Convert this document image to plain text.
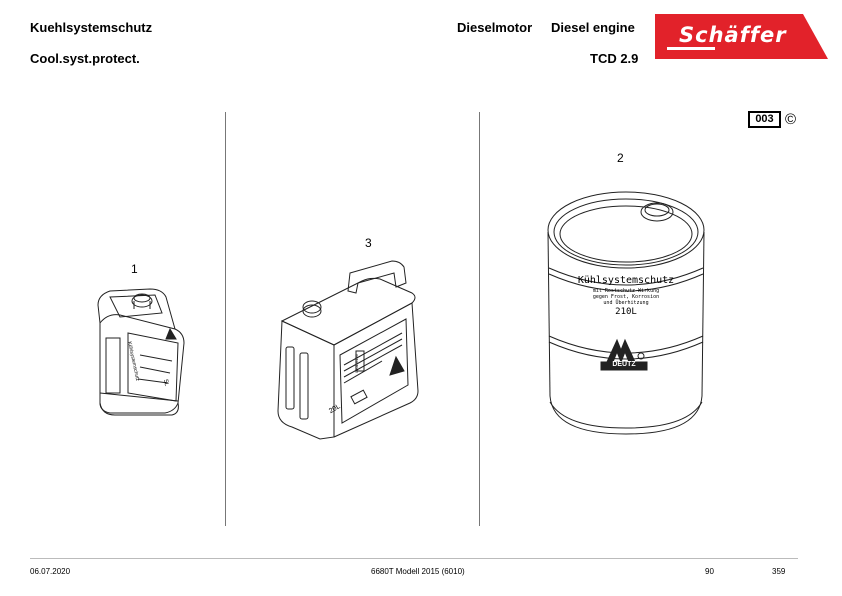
Kuehlsystemschutz
Cool.syst.protect.
Dieselmotor Diesel engine
TCD 2.9
Schäffer
003 ©
1
3
2
Kühlsystemschutz
5L
20L
0101 6456
Kühlsystemschutz
mit Rostschutz-Wirkung
gegen Frost, Korrosion
und Überhitzung
210L
DEUTZ
06.07.2020	6680T Modell 2015 (6010)	90	359
